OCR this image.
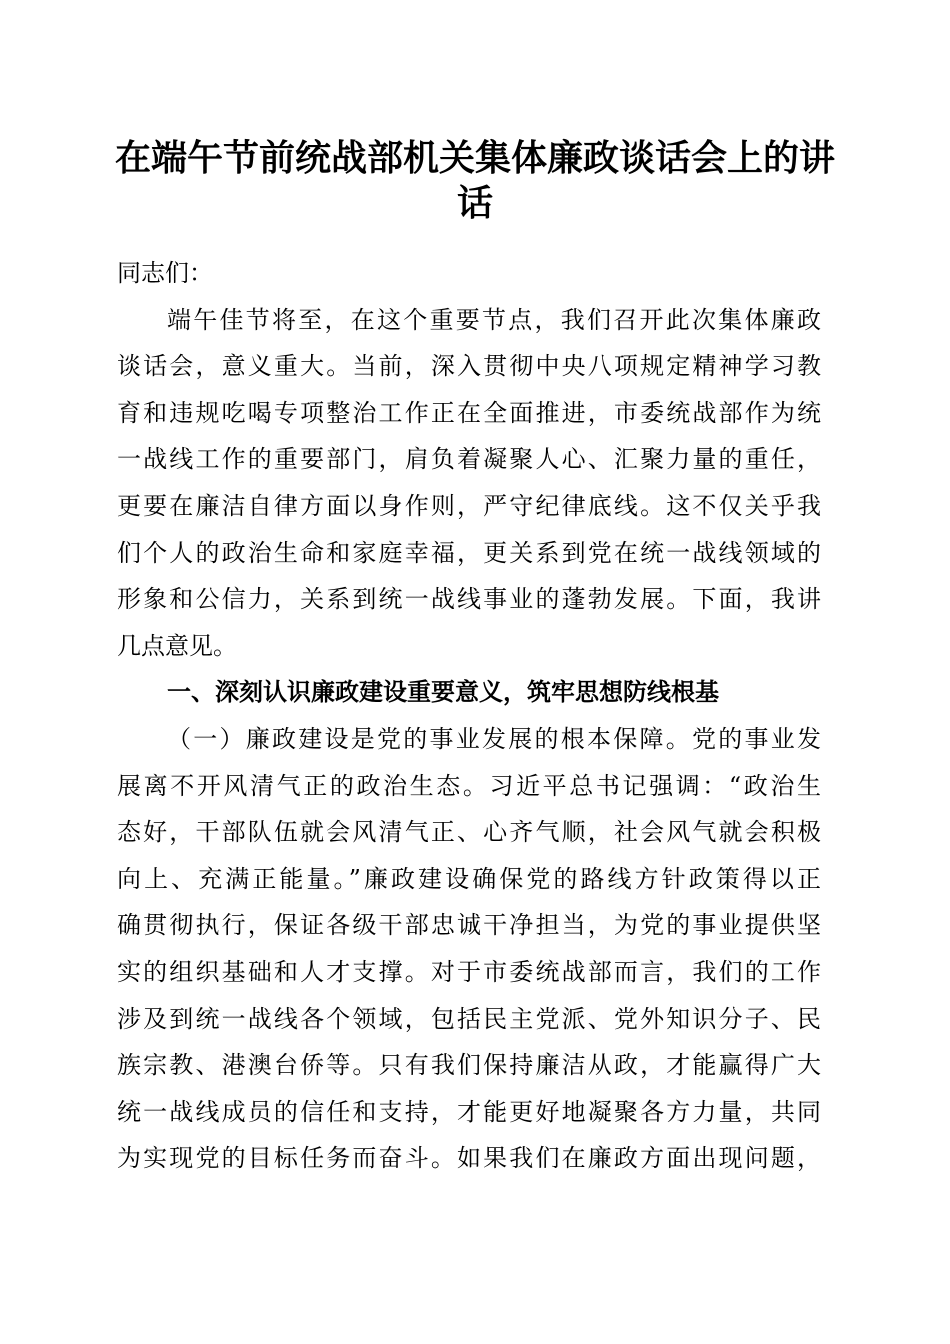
在端午节前统战部机关集体廉政谈话会上的讲
话
同志们：
端午佳节将至，在这个重要节点，我们召开此次集体廉政
谈话会，意义重大。当前，深入贯彻中央八项规定精神学习教
育和违规吃喝专项整治工作正在全面推进，市委统战部作为统
一战线工作的重要部门，肩负着凝聚人心、汇聚力量的重任，
更要在廉洁自律方面以身作则，严守纪律底线。这不仅关乎我
们个人的政治生命和家庭幸福，更关系到党在统一战线领域的
形象和公信力，关系到统一战线事业的蓬勃发展。下面，我讲
几点意见。
一、深刻认识廉政建设重要意义，筑牢思想防线根基
（一）廉政建设是党的事业发展的根本保障。党的事业发
展离不开风清气正的政治生态。习近平总书记强调：“政治生
态好，干部队伍就会风清气正、心齐气顺，社会风气就会积极
向上、充满正能量。”廉政建设确保党的路线方针政策得以正
确贯彻执行，保证各级干部忠诚干净担当，为党的事业提供坚
实的组织基础和人才支撑。对于市委统战部而言，我们的工作
涉及到统一战线各个领域，包括民主党派、党外知识分子、民
族宗教、港澳台侨等。只有我们保持廉洁从政，才能赢得广大
统一战线成员的信任和支持，才能更好地凝聚各方力量，共同
为实现党的目标任务而奋斗。如果我们在廉政方面出现问题，
